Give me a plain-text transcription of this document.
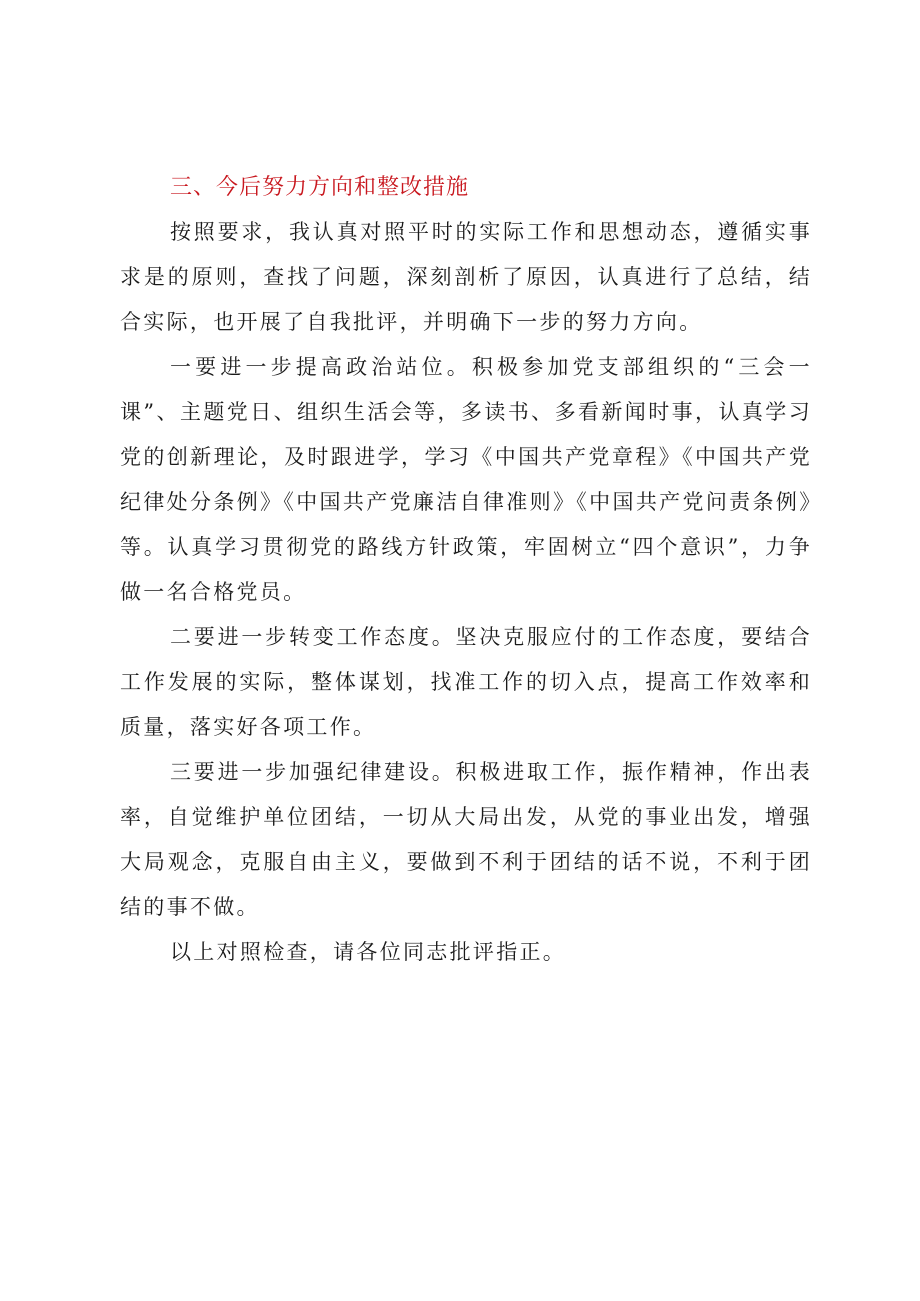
三、今后努力方向和整改措施

按照要求，我认真对照平时的实际工作和思想动态，遵循实事求是的原则，查找了问题，深刻剖析了原因，认真进行了总结，结合实际，也开展了自我批评，并明确下一步的努力方向。

一要进一步提高政治站位。积极参加党支部组织的“三会一课”、主题党日、组织生活会等，多读书、多看新闻时事，认真学习党的创新理论，及时跟进学，学习《中国共产党章程》《中国共产党纪律处分条例》《中国共产党廉洁自律准则》《中国共产党问责条例》等。认真学习贯彻党的路线方针政策，牢固树立“四个意识”，力争做一名合格党员。

二要进一步转变工作态度。坚决克服应付的工作态度，要结合工作发展的实际，整体谋划，找准工作的切入点，提高工作效率和质量，落实好各项工作。

三要进一步加强纪律建设。积极进取工作，振作精神，作出表率，自觉维护单位团结，一切从大局出发，从党的事业出发，增强大局观念，克服自由主义，要做到不利于团结的话不说，不利于团结的事不做。

以上对照检查，请各位同志批评指正。
